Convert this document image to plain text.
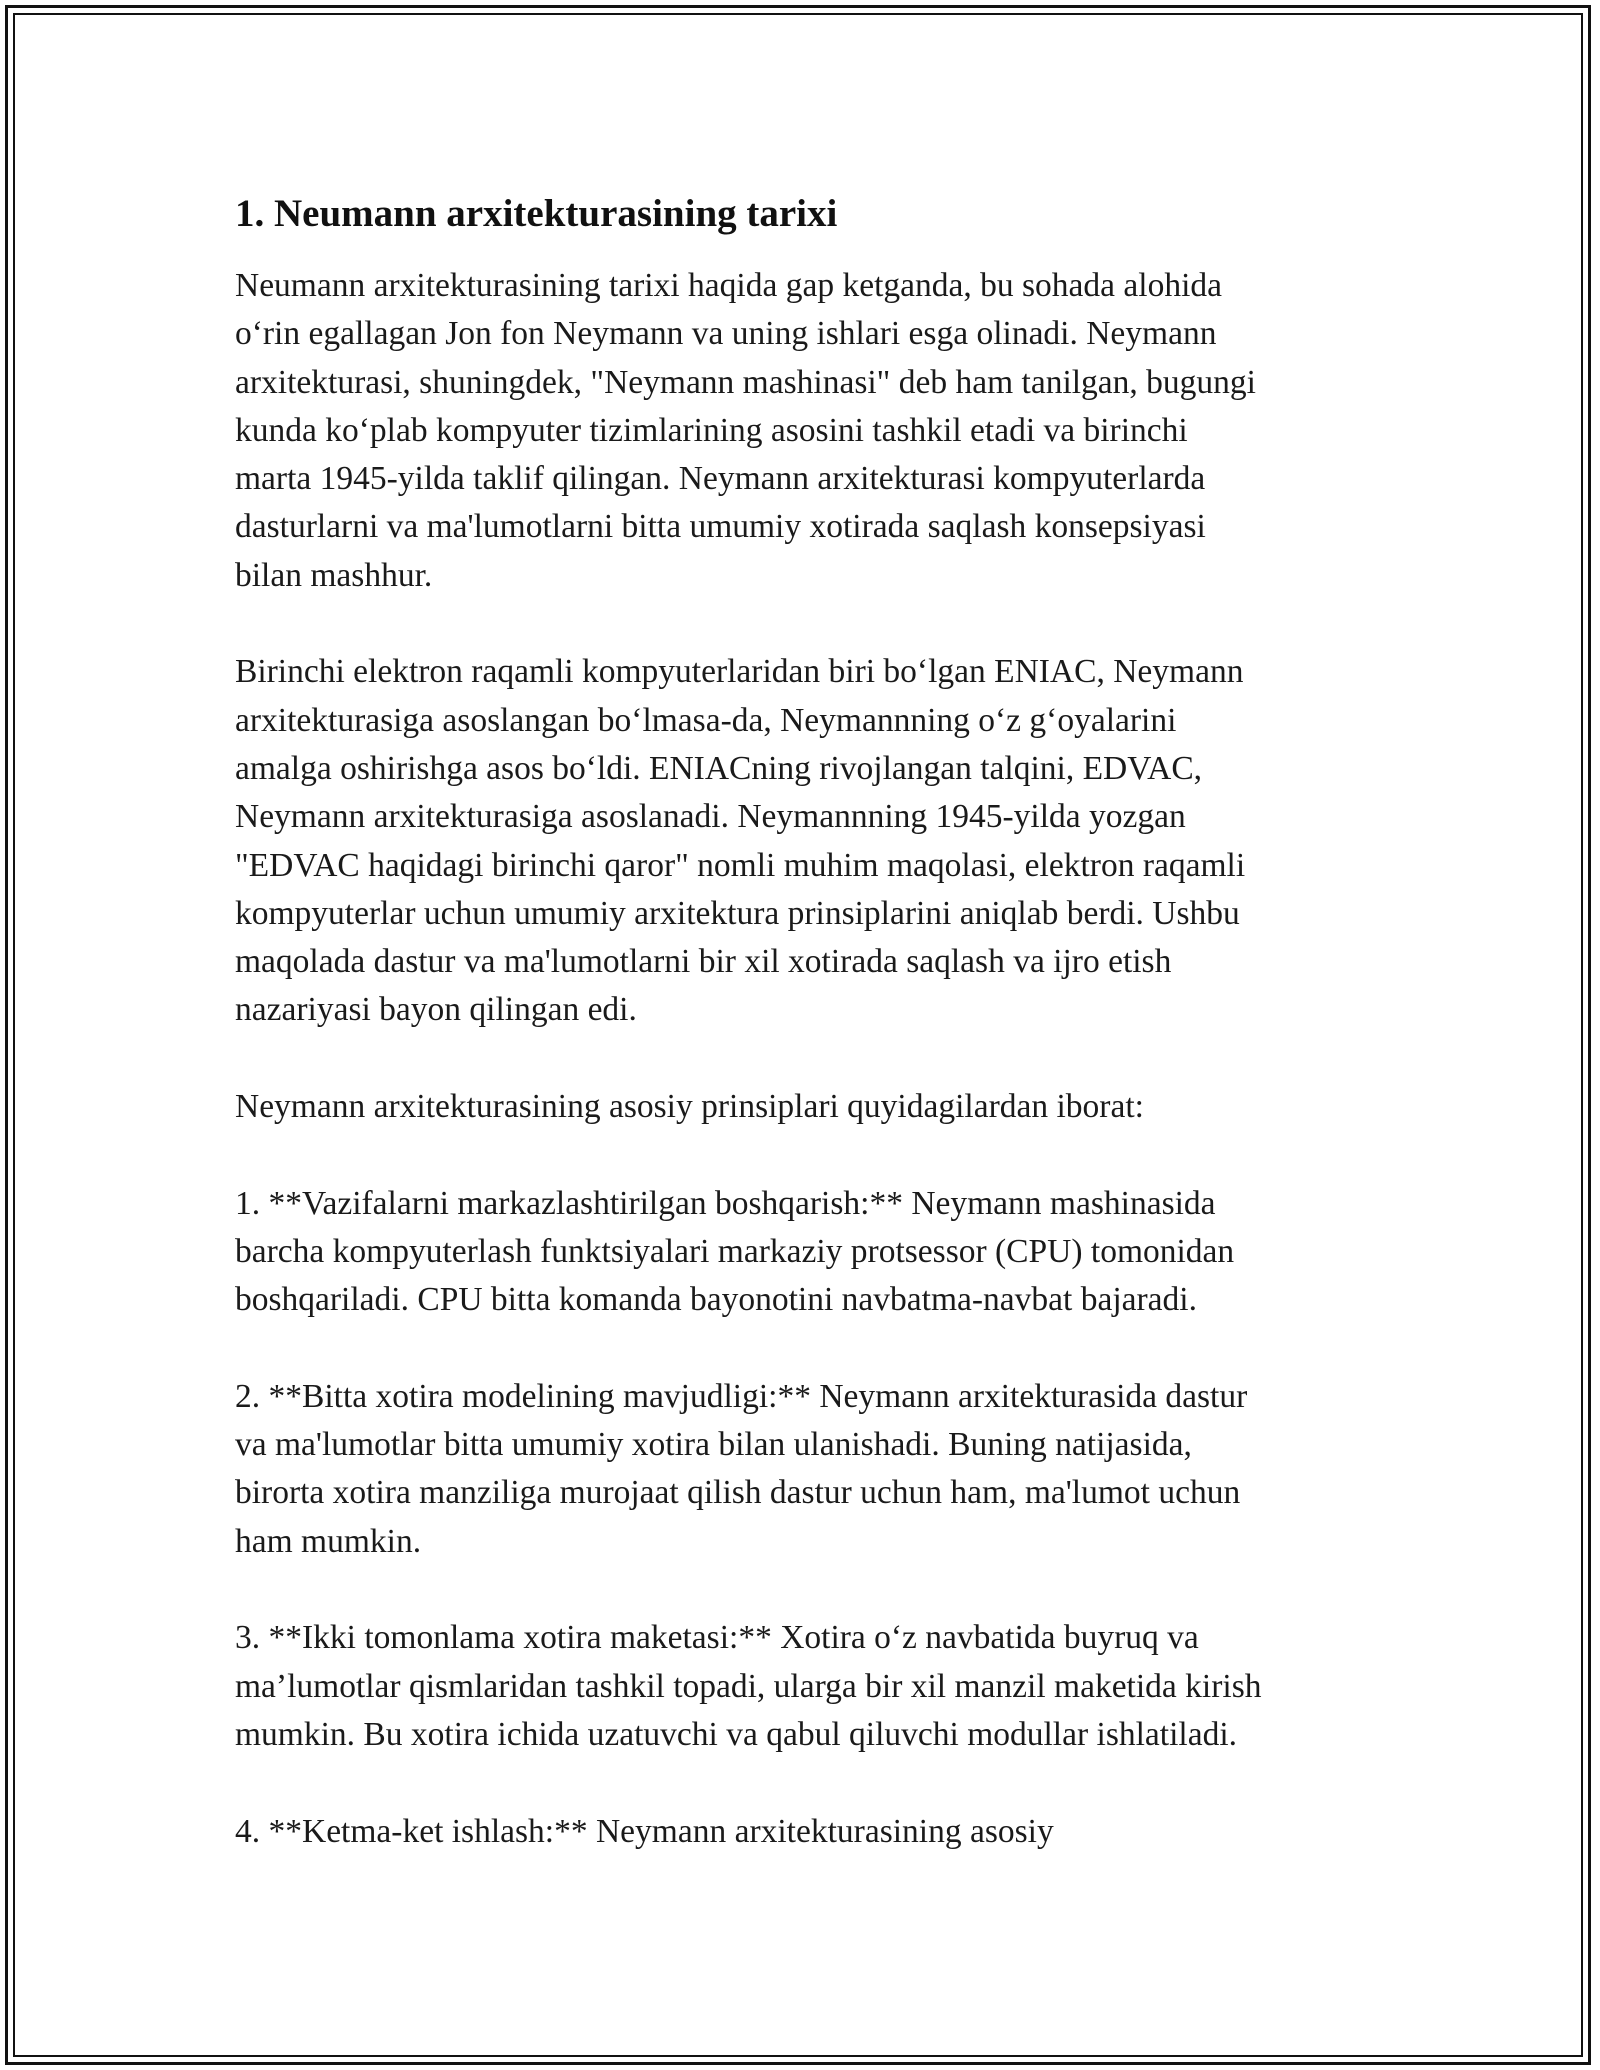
1. Neumann arxitekturasining tarixi

Neumann arxitekturasining tarixi haqida gap ketganda, bu sohada alohida
o‘rin egallagan Jon fon Neymann va uning ishlari esga olinadi. Neymann
arxitekturasi, shuningdek, "Neymann mashinasi" deb ham tanilgan, bugungi
kunda ko‘plab kompyuter tizimlarining asosini tashkil etadi va birinchi
marta 1945-yilda taklif qilingan. Neymann arxitekturasi kompyuterlarda
dasturlarni va ma'lumotlarni bitta umumiy xotirada saqlash konsepsiyasi
bilan mashhur.

Birinchi elektron raqamli kompyuterlaridan biri bo‘lgan ENIAC, Neymann
arxitekturasiga asoslangan bo‘lmasa-da, Neymannning o‘z g‘oyalarini
amalga oshirishga asos bo‘ldi. ENIACning rivojlangan talqini, EDVAC,
Neymann arxitekturasiga asoslanadi. Neymannning 1945-yilda yozgan
"EDVAC haqidagi birinchi qaror" nomli muhim maqolasi, elektron raqamli
kompyuterlar uchun umumiy arxitektura prinsiplarini aniqlab berdi. Ushbu
maqolada dastur va ma'lumotlarni bir xil xotirada saqlash va ijro etish
nazariyasi bayon qilingan edi.

Neymann arxitekturasining asosiy prinsiplari quyidagilardan iborat:

1. **Vazifalarni markazlashtirilgan boshqarish:** Neymann mashinasida
barcha kompyuterlash funktsiyalari markaziy protsessor (CPU) tomonidan
boshqariladi. CPU bitta komanda bayonotini navbatma-navbat bajaradi.

2. **Bitta xotira modelining mavjudligi:** Neymann arxitekturasida dastur
va ma'lumotlar bitta umumiy xotira bilan ulanishadi. Buning natijasida,
birorta xotira manziliga murojaat qilish dastur uchun ham, ma'lumot uchun
ham mumkin.

3. **Ikki tomonlama xotira maketasi:** Xotira o‘z navbatida buyruq va
ma’lumotlar qismlaridan tashkil topadi, ularga bir xil manzil maketida kirish
mumkin. Bu xotira ichida uzatuvchi va qabul qiluvchi modullar ishlatiladi.

4. **Ketma-ket ishlash:** Neymann arxitekturasining asosiy
